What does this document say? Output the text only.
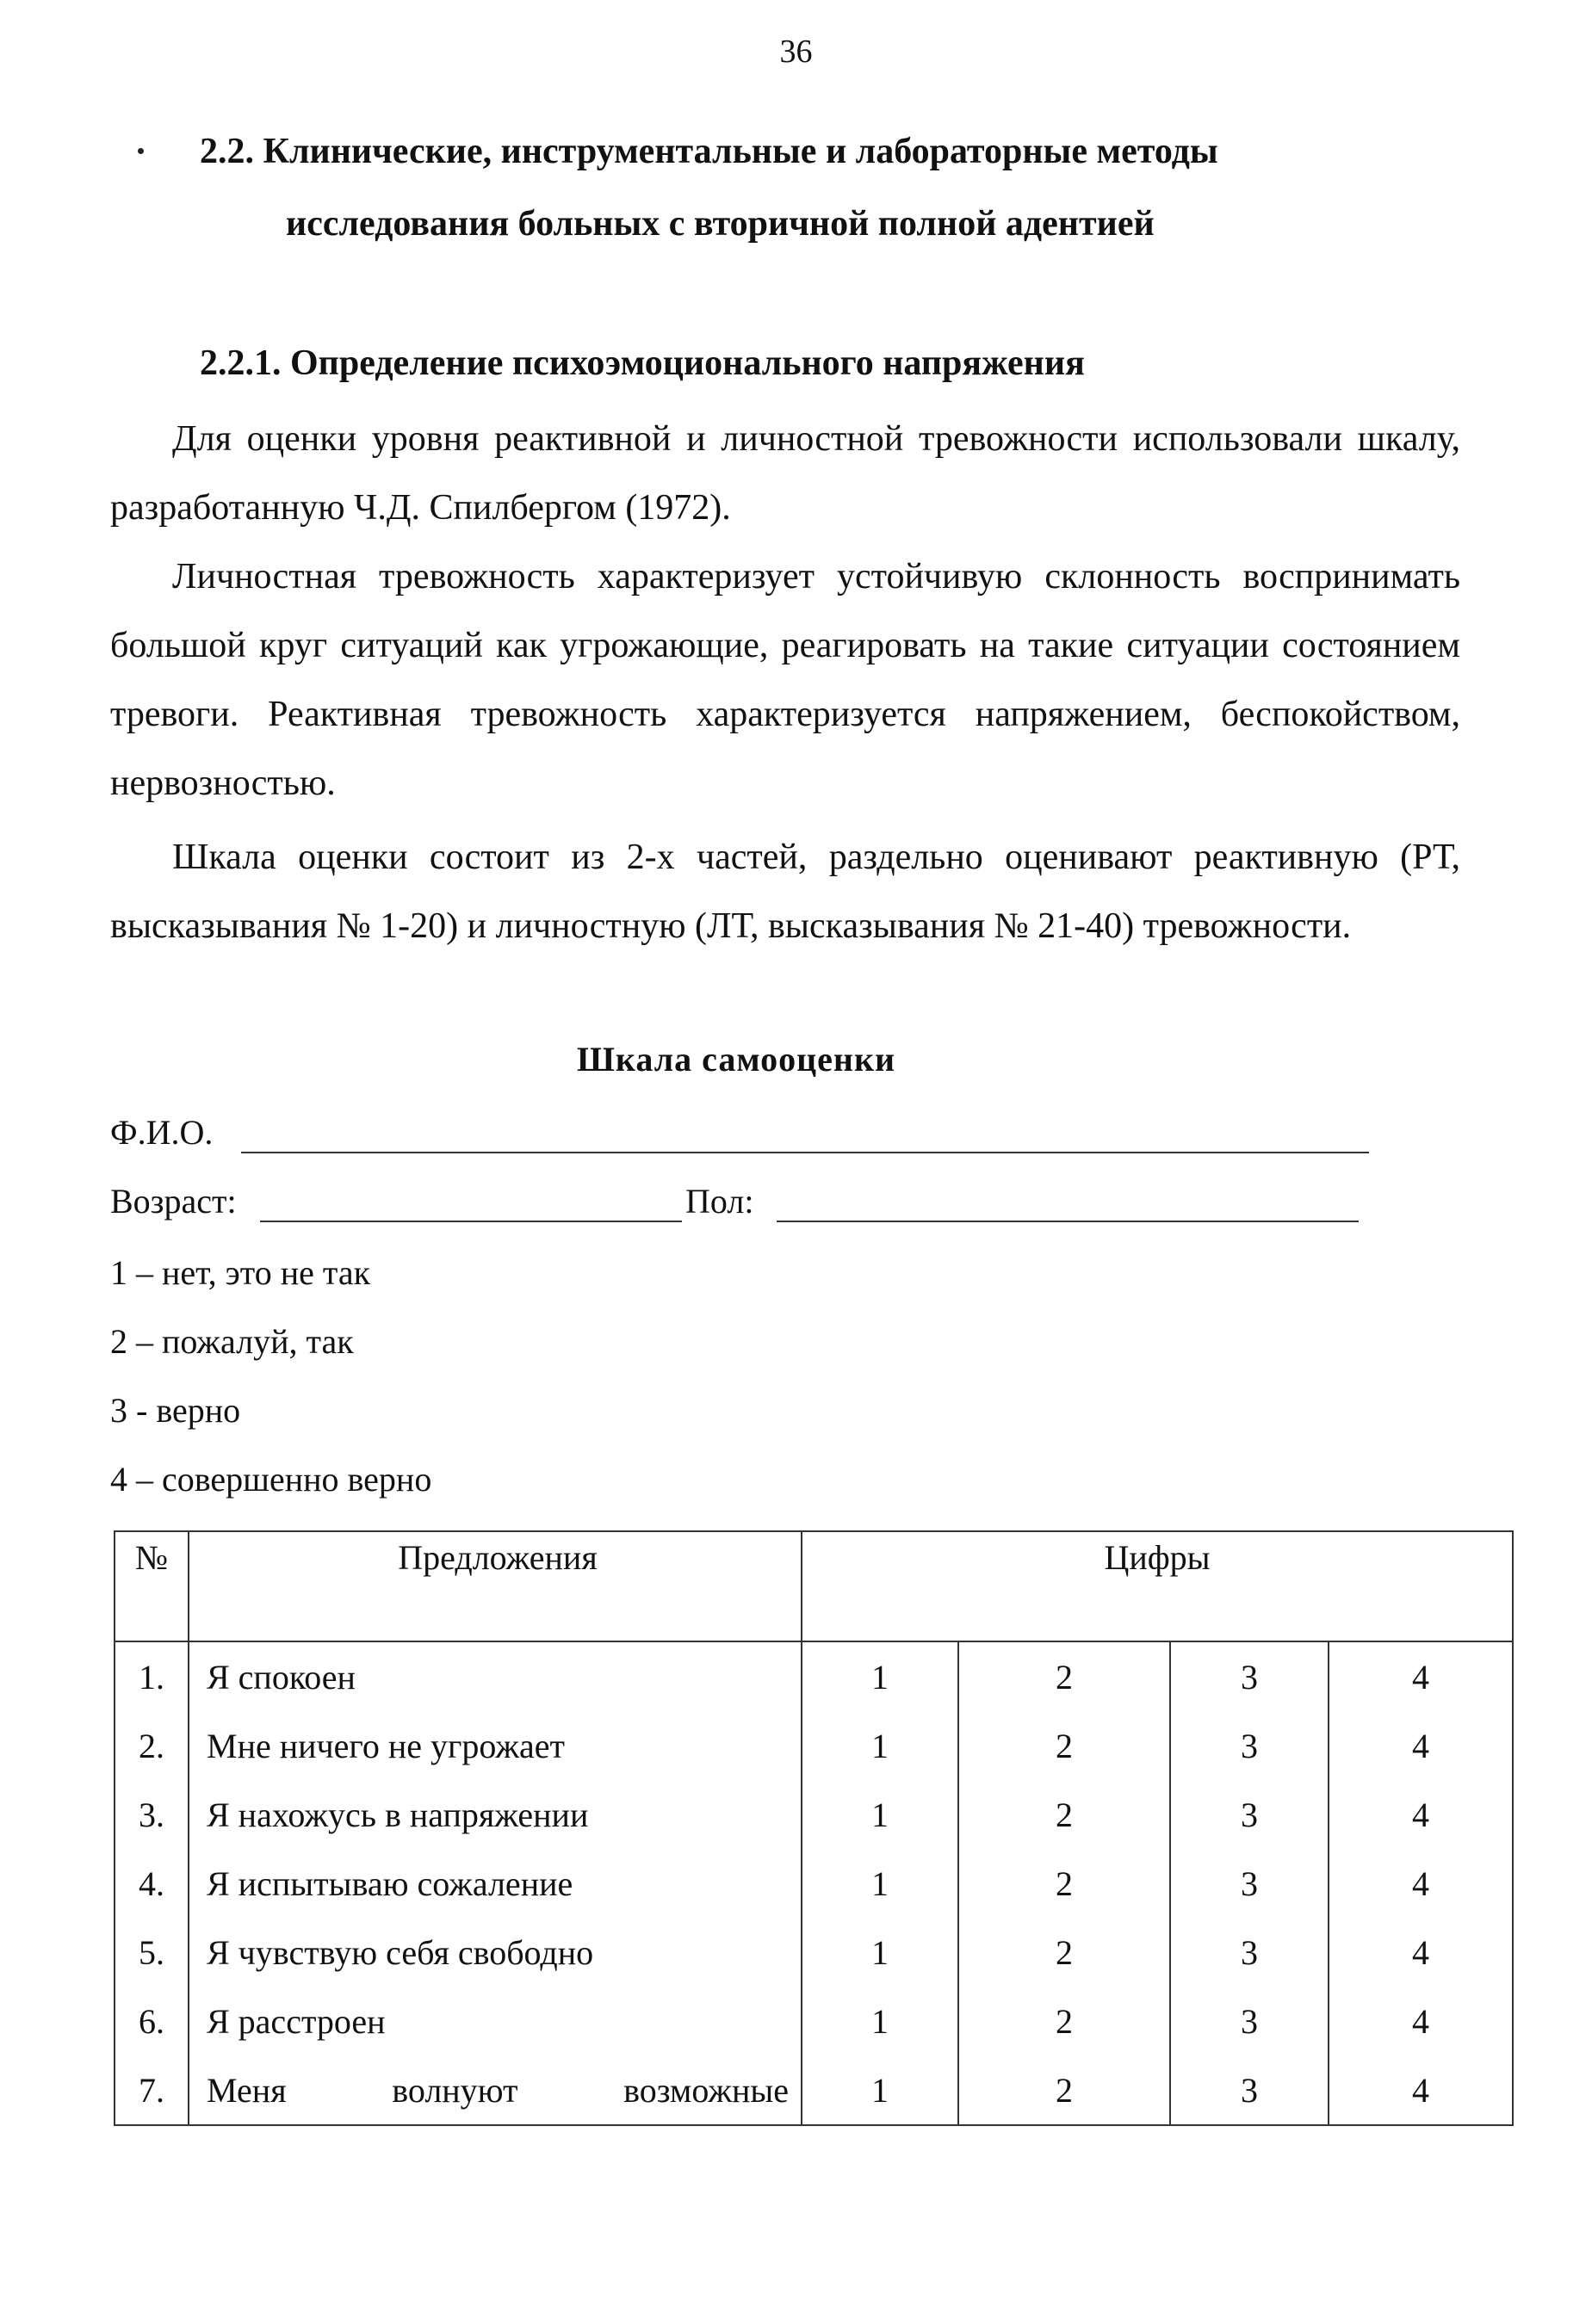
36
2.2. Клинические, инструментальные и лабораторные методы
исследования больных с вторичной полной адентией
2.2.1. Определение психоэмоционального напряжения

Для оценки уровня реактивной и личностной тревожности использовали шкалу, разработанную Ч.Д. Спилбергом (1972).

Личностная тревожность характеризует устойчивую склонность воспринимать большой круг ситуаций как угрожающие, реагировать на такие ситуации состоянием тревоги. Реактивная тревожность характеризуется напряжением, беспокойством, нервозностью.

Шкала оценки состоит из 2-х частей, раздельно оценивают реактивную (РТ, высказывания № 1-20) и личностную (ЛТ, высказывания № 21-40) тревожности.

Шкала самооценки
Ф.И.О.
Возраст:	Пол:
1 – нет, это не так
2 – пожалуй, так
3 - верно
4 – совершенно верно
№	Предложения	Цифры			
1.	Я спокоен	1	2	3	4
2.	Мне ничего не угрожает	1	2	3	4
3.	Я нахожусь в напряжении	1	2	3	4
4.	Я испытываю сожаление	1	2	3	4
5.	Я чувствую себя свободно	1	2	3	4
6.	Я расстроен	1	2	3	4
7.	Меня волнуют возможные	1	2	3	4
